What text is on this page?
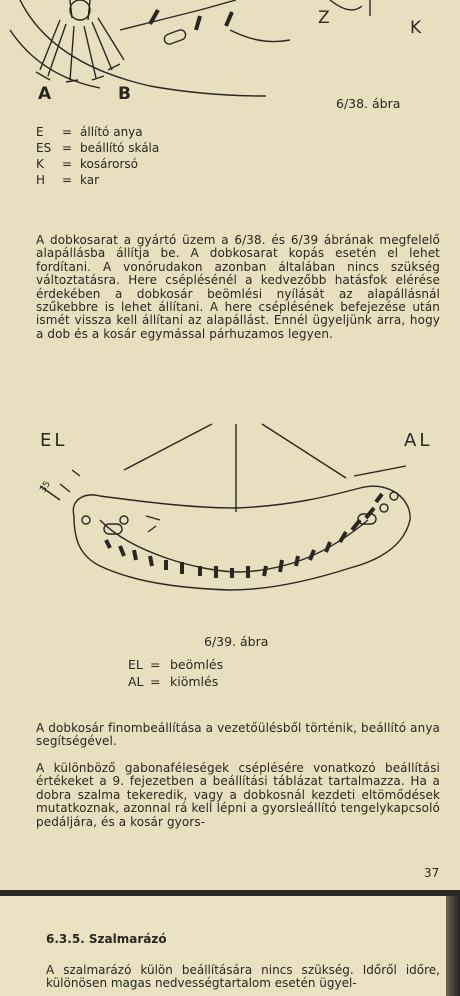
Z	K
A	B	6/38. ábra
E	= állító anya
ES = beállító skála
K	= kosárorsó
H	= kar
A dobkosarat a gyártó üzem a 6/38. és 6/39 ábrának megfelelő alapállásba állítja be. A dobkosarat kopás esetén el lehet fordítani. A vonórudakon azonban általában nincs szükség változtatásra. Here cséplésénél a kedvezőbb hatásfok elérése érdekében a dobkosár beömlési nyílását az alapállásnál szűkebbre is lehet állítani. A here cséplésének befejezése után ismét vissza kell állítani az alapállást. Ennél ügyeljünk arra, hogy a dob és a kosár egymással párhuzamos legyen.
EL	AL
35
6/39. ábra
EL = beömlés
AL = kiömlés
A dobkosár finombeállítása a vezetőülésből történik, beállító anya segítségével.
A különböző gabonaféleségek cséplésére vonatkozó beállítási értékeket a 9. fejezetben a beállítási táblázat tartalmazza. Ha a dobra szalma tekeredik, vagy a dobkosnál kezdeti eltömődések mutatkoznak, azonnal rá kell lépni a gyorsleállító tengelykapcsoló pedáljára, és a kosár gyors-
37
6.3.5. Szalmarázó
A szalmarázó külön beállítására nincs szükség. Időről időre, különösen magas nedvességtartalom esetén ügyel-
